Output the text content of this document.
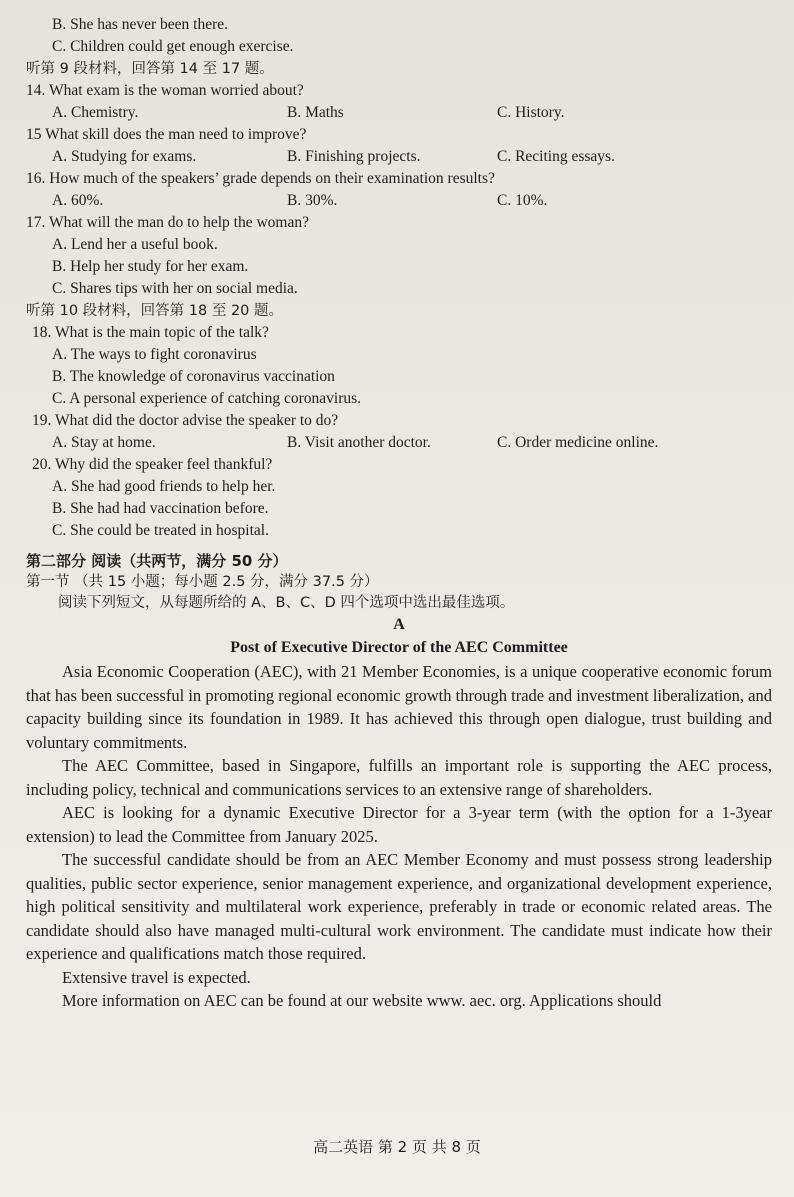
B. She has never been there.
C. Children could get enough exercise.
听第 9 段材料，回答第 14 至 17 题。
14. What exam is the woman worried about?
A. Chemistry.	B. Maths	C. History.
15 What skill does the man need to improve?
A. Studying for exams.	B. Finishing projects.	C. Reciting essays.
16. How much of the speakers’ grade depends on their examination results?
A. 60%.	B. 30%.	C. 10%.
17. What will the man do to help the woman?
A. Lend her a useful book.
B. Help her study for her exam.
C. Shares tips with her on social media.
听第 10 段材料，回答第 18 至 20 题。
18. What is the main topic of the talk?
A. The ways to fight coronavirus
B. The knowledge of coronavirus vaccination
C. A personal experience of catching coronavirus.
19. What did the doctor advise the speaker to do?
A. Stay at home.	B. Visit another doctor.	C. Order medicine online.
20. Why did the speaker feel thankful?
A. She had good friends to help her.
B. She had had vaccination before.
C. She could be treated in hospital.
第二部分 阅读（共两节，满分 50 分）
第一节 （共 15 小题；每小题 2.5 分，满分 37.5 分）
阅读下列短文，从每题所给的 A、B、C、D 四个选项中选出最佳选项。
A
Post of Executive Director of the AEC Committee

Asia Economic Cooperation (AEC), with 21 Member Economies, is a unique cooperative economic forum that has been successful in promoting regional economic growth through trade and investment liberalization, and capacity building since its foundation in 1989. It has achieved this through open dialogue, trust building and voluntary commitments.

The AEC Committee, based in Singapore, fulfills an important role is supporting the AEC process, including policy, technical and communications services to an extensive range of shareholders.

AEC is looking for a dynamic Executive Director for a 3-year term (with the option for a 1-3year extension) to lead the Committee from January 2025.

The successful candidate should be from an AEC Member Economy and must possess strong leadership qualities, public sector experience, senior management experience, and organizational development experience, high political sensitivity and multilateral work experience, preferably in trade or economic related areas. The candidate should also have managed multi-cultural work environment. The candidate must indicate how their experience and qualifications match those required.

Extensive travel is expected.

More information on AEC can be found at our website www. aec. org. Applications should

高二英语 第 2 页 共 8 页
